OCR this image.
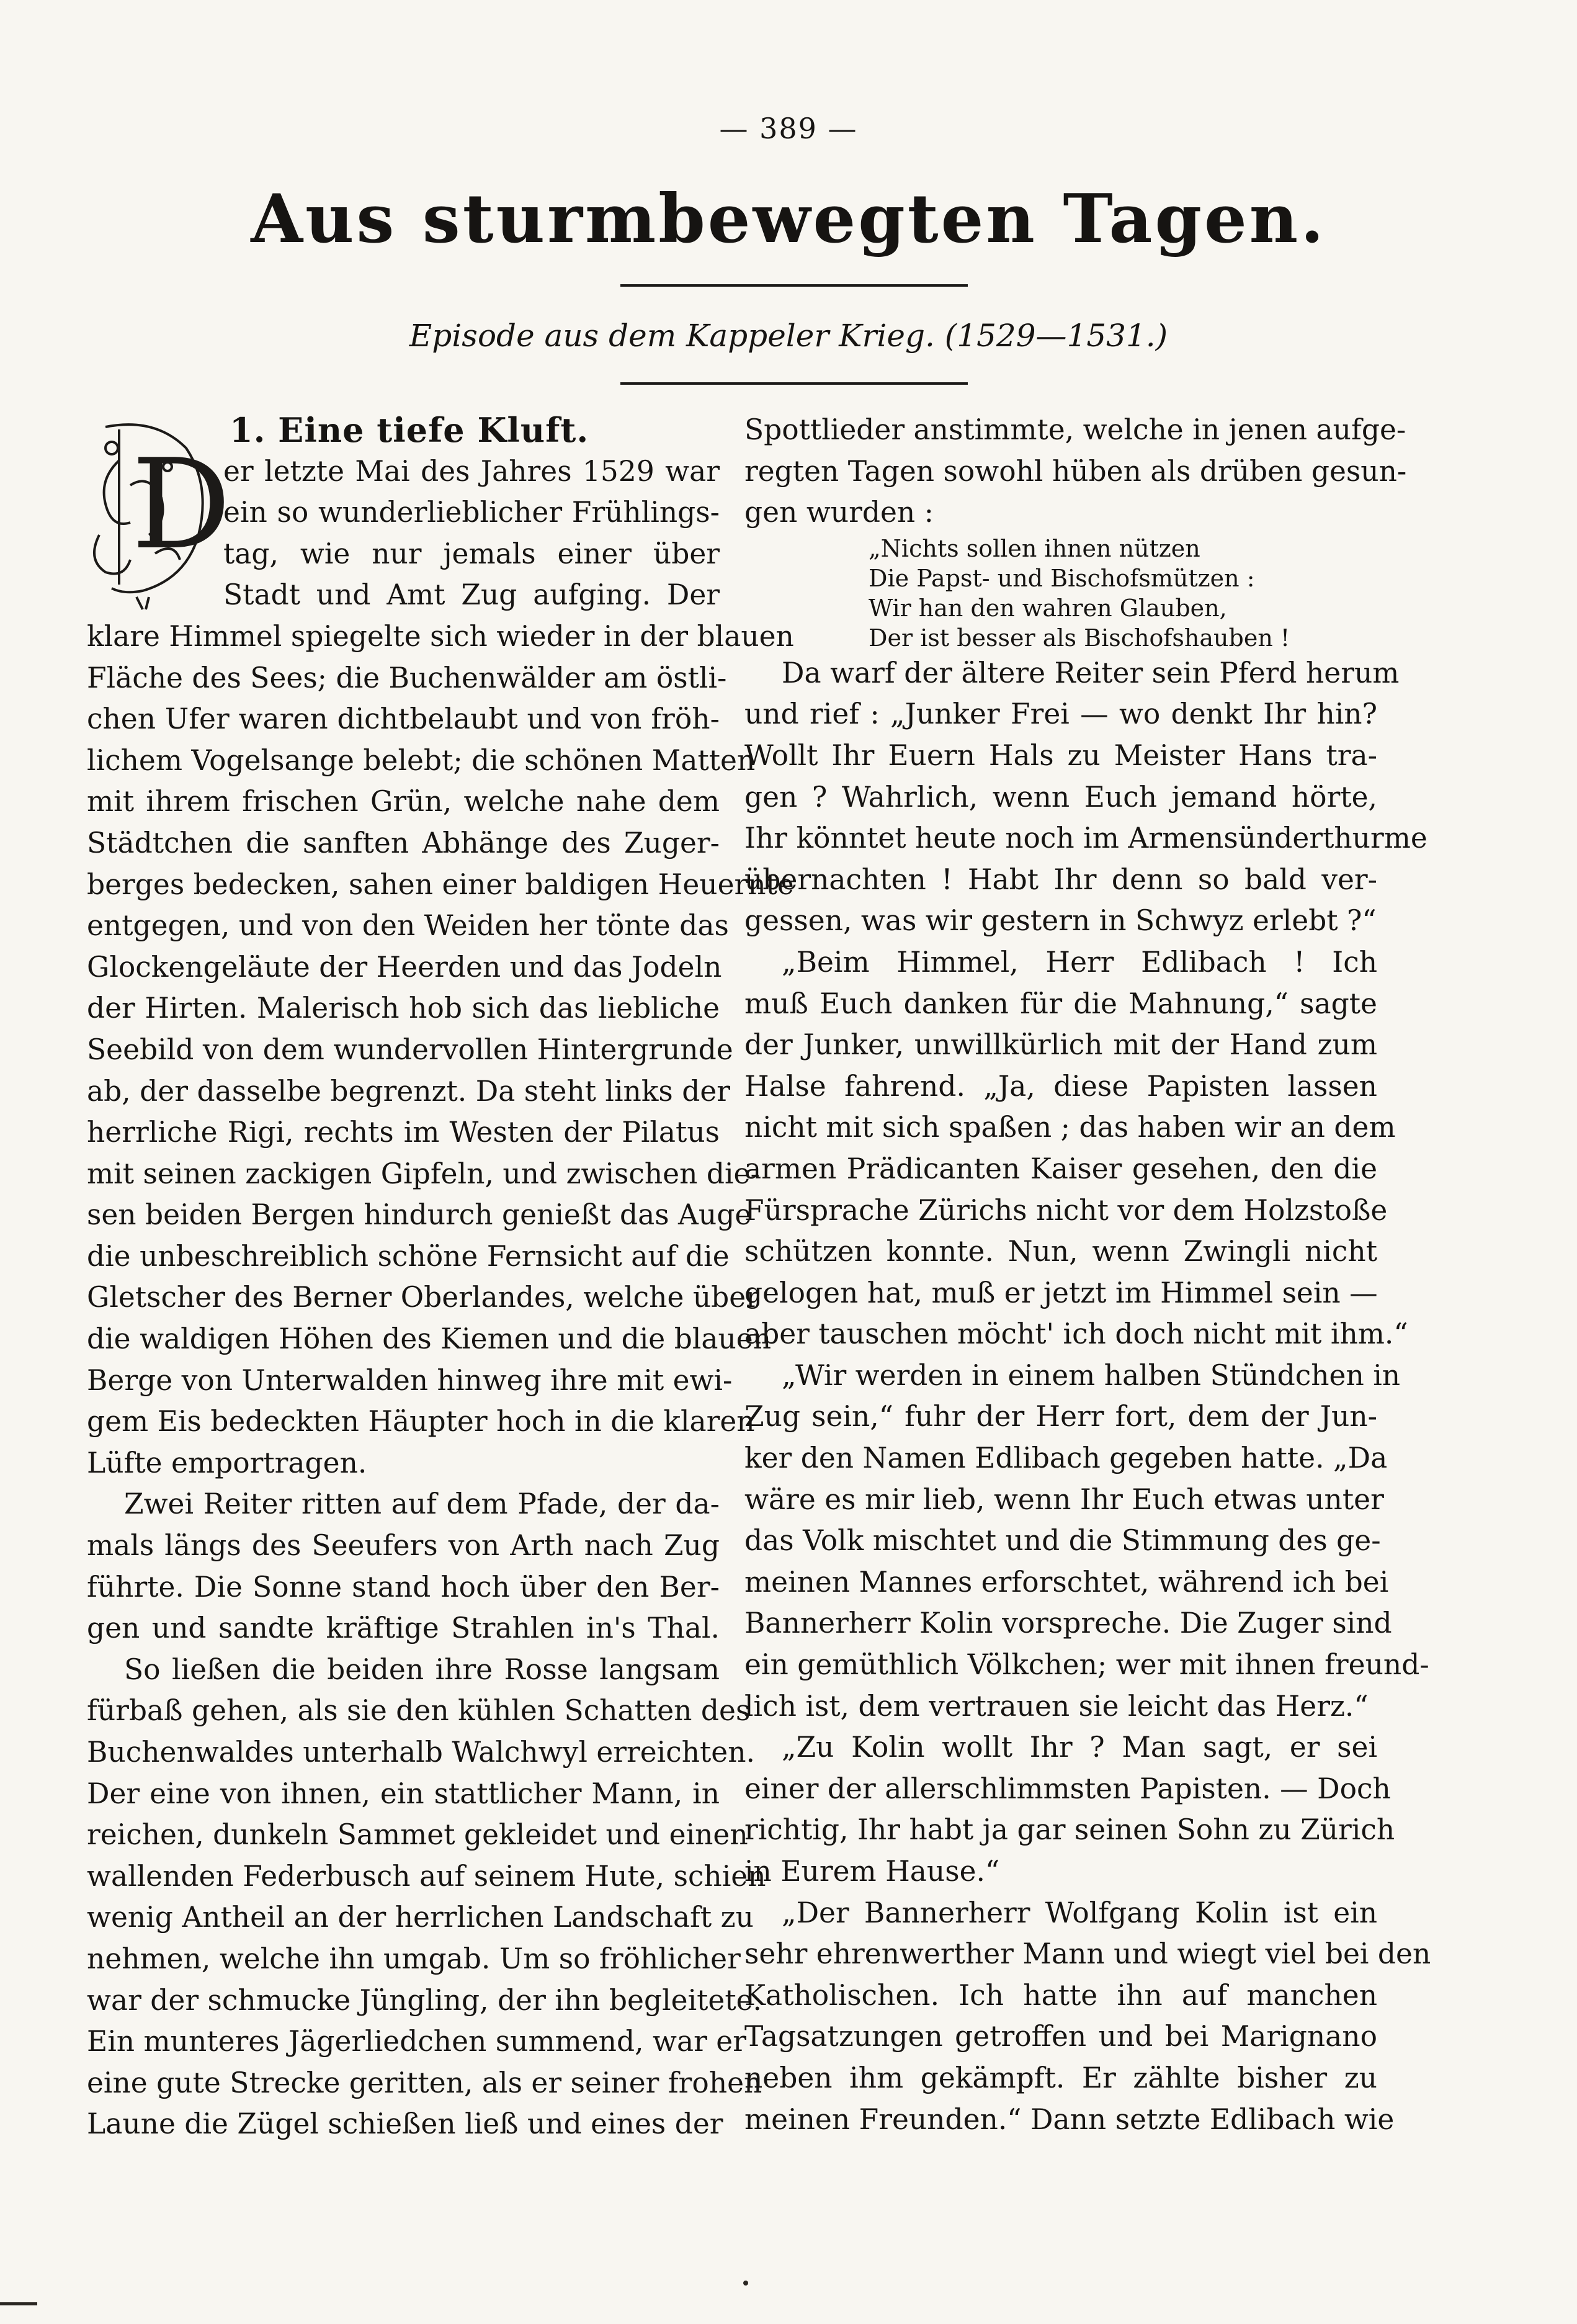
— 389 —
Aus sturmbewegten Tagen.
Episode aus dem Kappeler Krieg. (1529—1531.)
D
1. Eine tiefe Kluft.
er letzte Mai des Jahres 1529 war
ein so wunderlieblicher Frühlings-
tag, wie nur jemals einer über
Stadt und Amt Zug aufging. Der
klare Himmel spiegelte sich wieder in der blauen
Fläche des Sees; die Buchenwälder am östli-
chen Ufer waren dichtbelaubt und von fröh-
lichem Vogelsange belebt; die schönen Matten
mit ihrem frischen Grün, welche nahe dem
Städtchen die sanften Abhänge des Zuger-
berges bedecken, sahen einer baldigen Heuernte
entgegen, und von den Weiden her tönte das
Glockengeläute der Heerden und das Jodeln
der Hirten. Malerisch hob sich das liebliche
Seebild von dem wundervollen Hintergrunde
ab, der dasselbe begrenzt. Da steht links der
herrliche Rigi, rechts im Westen der Pilatus
mit seinen zackigen Gipfeln, und zwischen die-
sen beiden Bergen hindurch genießt das Auge
die unbeschreiblich schöne Fernsicht auf die
Gletscher des Berner Oberlandes, welche über
die waldigen Höhen des Kiemen und die blauen
Berge von Unterwalden hinweg ihre mit ewi-
gem Eis bedeckten Häupter hoch in die klaren
Lüfte emportragen.
Zwei Reiter ritten auf dem Pfade, der da-
mals längs des Seeufers von Arth nach Zug
führte. Die Sonne stand hoch über den Ber-
gen und sandte kräftige Strahlen in's Thal.
So ließen die beiden ihre Rosse langsam
fürbaß gehen, als sie den kühlen Schatten des
Buchenwaldes unterhalb Walchwyl erreichten.
Der eine von ihnen, ein stattlicher Mann, in
reichen, dunkeln Sammet gekleidet und einen
wallenden Federbusch auf seinem Hute, schien
wenig Antheil an der herrlichen Landschaft zu
nehmen, welche ihn umgab. Um so fröhlicher
war der schmucke Jüngling, der ihn begleitete.
Ein munteres Jägerliedchen summend, war er
eine gute Strecke geritten, als er seiner frohen
Laune die Zügel schießen ließ und eines der
Spottlieder anstimmte, welche in jenen aufge-
regten Tagen sowohl hüben als drüben gesun-
gen wurden :
„Nichts sollen ihnen nützen
Die Papst- und Bischofsmützen :
Wir han den wahren Glauben,
Der ist besser als Bischofshauben !
Da warf der ältere Reiter sein Pferd herum
und rief : „Junker Frei — wo denkt Ihr hin?
Wollt Ihr Euern Hals zu Meister Hans tra-
gen ? Wahrlich, wenn Euch jemand hörte,
Ihr könntet heute noch im Armensünderthurme
übernachten ! Habt Ihr denn so bald ver-
gessen, was wir gestern in Schwyz erlebt ?“
„Beim Himmel, Herr Edlibach ! Ich
muß Euch danken für die Mahnung,“ sagte
der Junker, unwillkürlich mit der Hand zum
Halse fahrend. „Ja, diese Papisten lassen
nicht mit sich spaßen ; das haben wir an dem
armen Prädicanten Kaiser gesehen, den die
Fürsprache Zürichs nicht vor dem Holzstoße
schützen konnte. Nun, wenn Zwingli nicht
gelogen hat, muß er jetzt im Himmel sein —
aber tauschen möcht' ich doch nicht mit ihm.“
„Wir werden in einem halben Stündchen in
Zug sein,“ fuhr der Herr fort, dem der Jun-
ker den Namen Edlibach gegeben hatte. „Da
wäre es mir lieb, wenn Ihr Euch etwas unter
das Volk mischtet und die Stimmung des ge-
meinen Mannes erforschtet, während ich bei
Bannerherr Kolin vorspreche. Die Zuger sind
ein gemüthlich Völkchen; wer mit ihnen freund-
lich ist, dem vertrauen sie leicht das Herz.“
„Zu Kolin wollt Ihr ? Man sagt, er sei
einer der allerschlimmsten Papisten. — Doch
richtig, Ihr habt ja gar seinen Sohn zu Zürich
in Eurem Hause.“
„Der Bannerherr Wolfgang Kolin ist ein
sehr ehrenwerther Mann und wiegt viel bei den
Katholischen. Ich hatte ihn auf manchen
Tagsatzungen getroffen und bei Marignano
neben ihm gekämpft. Er zählte bisher zu
meinen Freunden.“ Dann setzte Edlibach wie
